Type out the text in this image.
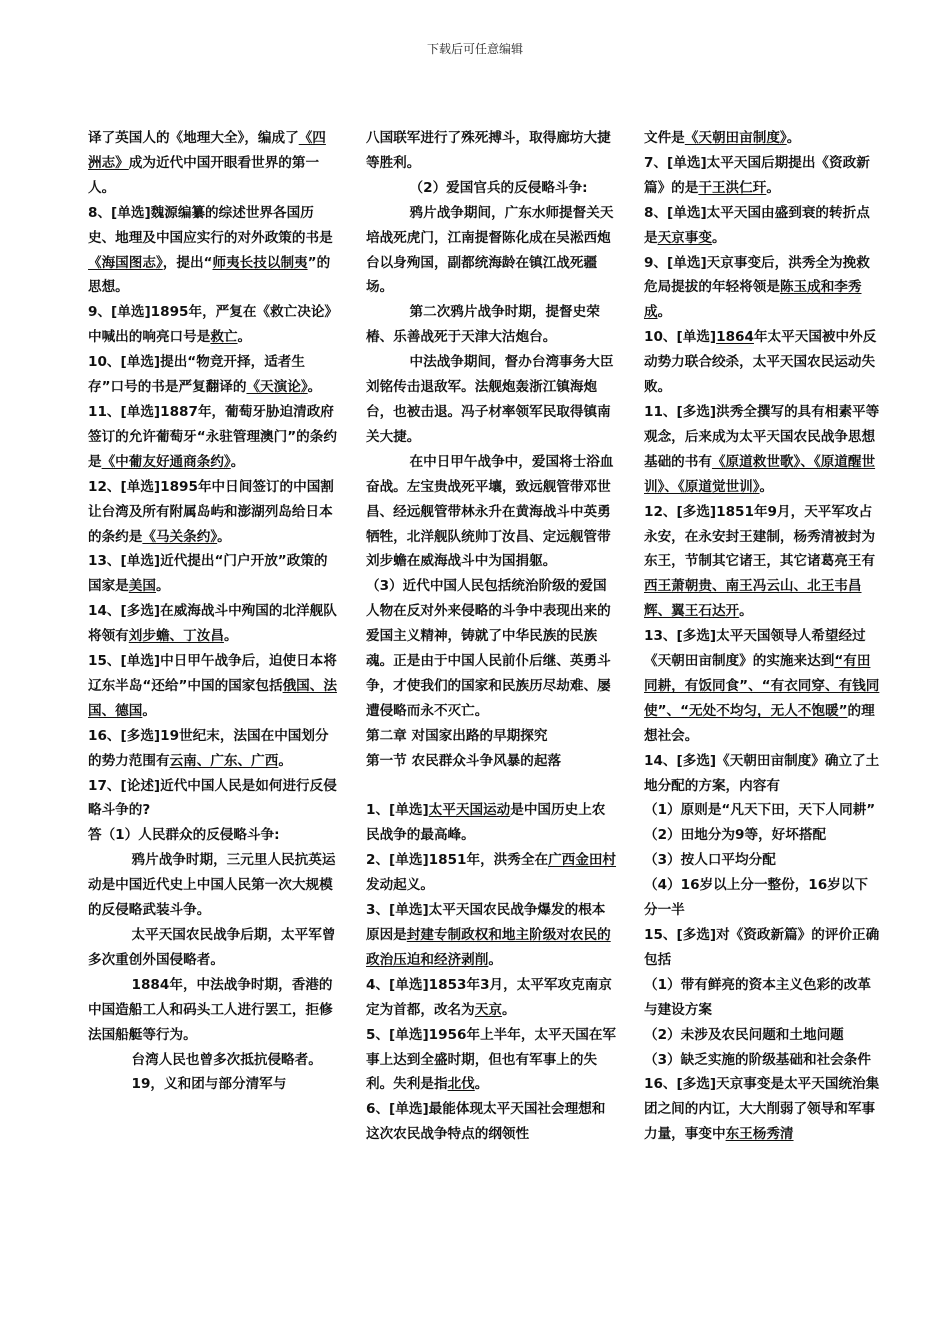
下载后可任意编辑

译了英国人的《地理大全》，编成了《四洲志》成为近代中国开眼看世界的第一人。

8、[单选]魏源编纂的综述世界各国历史、地理及中国应实行的对外政策的书是《海国图志》，提出“师夷长技以制夷”的思想。

9、[单选]1895年，严复在《救亡决论》中喊出的响亮口号是救亡。

10、[单选]提出“物竞开择，适者生存”口号的书是严复翻译的《天演论》。

11、[单选]1887年，葡萄牙胁迫清政府签订的允许葡萄牙“永驻管理澳门”的条约是《中葡友好通商条约》。

12、[单选]1895年中日间签订的中国割让台湾及所有附属岛屿和澎湖列岛给日本的条约是《马关条约》。

13、[单选]近代提出“门户开放”政策的国家是美国。

14、[多选]在威海战斗中殉国的北洋舰队将领有刘步蟾、丁汝昌。

15、[单选]中日甲午战争后，迫使日本将辽东半岛“还给”中国的国家包括俄国、法国、德国。

16、[多选]19世纪末，法国在中国划分的势力范围有云南、广东、广西。

17、[论述]近代中国人民是如何进行反侵略斗争的?

答（1）人民群众的反侵略斗争:

鸦片战争时期，三元里人民抗英运动是中国近代史上中国人民第一次大规模的反侵略武装斗争。

太平天国农民战争后期，太平军曾多次重创外国侵略者。

1884年，中法战争时期，香港的中国造船工人和码头工人进行罢工，拒修法国船艇等行为。

台湾人民也曾多次抵抗侵略者。

19，义和团与部分清军与

八国联军进行了殊死搏斗，取得廊坊大捷等胜利。

（2）爱国官兵的反侵略斗争:

鸦片战争期间，广东水师提督关天培战死虎门，江南提督陈化成在吴淞西炮台以身殉国，副都统海龄在镇江战死疆场。

第二次鸦片战争时期，提督史荣椿、乐善战死于天津大沽炮台。

中法战争期间，督办台湾事务大臣刘铭传击退敌军。法舰炮轰浙江镇海炮台，也被击退。冯子材率领军民取得镇南关大捷。

在中日甲午战争中，爱国将士浴血奋战。左宝贵战死平壤，致远舰管带邓世昌、经远舰管带林永升在黄海战斗中英勇牺牲，北洋舰队统帅丁汝昌、定远舰管带刘步蟾在威海战斗中为国捐躯。

（3）近代中国人民包括统治阶级的爱国人物在反对外来侵略的斗争中表现出来的爱国主义精神，铸就了中华民族的民族魂。正是由于中国人民前仆后继、英勇斗争，才使我们的国家和民族历尽劫难、屡遭侵略而永不灭亡。

第二章 对国家出路的早期探究

第一节 农民群众斗争风暴的起落

1、[单选]太平天国运动是中国历史上农民战争的最高峰。

2、[单选]1851年，洪秀全在广西金田村发动起义。

3、[单选]太平天国农民战争爆发的根本原因是封建专制政权和地主阶级对农民的政治压迫和经济剥削。

4、[单选]1853年3月，太平军攻克南京定为首都，改名为天京。

5、[单选]1956年上半年，太平天国在军事上达到全盛时期，但也有军事上的失利。失利是指北伐。

6、[单选]最能体现太平天国社会理想和这次农民战争特点的纲领性

文件是《天朝田亩制度》。

7、[单选]太平天国后期提出《资政新篇》的是干王洪仁玕。

8、[单选]太平天国由盛到衰的转折点是天京事变。

9、[单选]天京事变后，洪秀全为挽救危局提拔的年轻将领是陈玉成和李秀成。

10、[单选]1864年太平天国被中外反动势力联合绞杀，太平天国农民运动失败。

11、[多选]洪秀全撰写的具有相素平等观念，后来成为太平天国农民战争思想基础的书有《原道救世歌》、《原道醒世训》、《原道觉世训》。

12、[多选]1851年9月，天平军攻占永安，在永安封王建制，杨秀清被封为东王，节制其它诸王，其它诸葛亮王有西王萧朝贵、南王冯云山、北王韦昌辉、翼王石达开。

13、[多选]太平天国领导人希望经过《天朝田亩制度》的实施来达到“有田同耕，有饭同食”、“有衣同穿、有钱同使”、“无处不均匀，无人不饱暖”的理想社会。

14、[多选]《天朝田亩制度》确立了土地分配的方案，内容有

（1）原则是“凡天下田，天下人同耕”

（2）田地分为9等，好坏搭配

（3）按人口平均分配

（4）16岁以上分一整份，16岁以下分一半

15、[多选]对《资政新篇》的评价正确包括

（1）带有鲜亮的资本主义色彩的改革与建设方案

（2）未涉及农民问题和土地问题

（3）缺乏实施的阶级基础和社会条件

16、[多选]天京事变是太平天国统治集团之间的内讧，大大削弱了领导和军事力量，事变中东王杨秀清
